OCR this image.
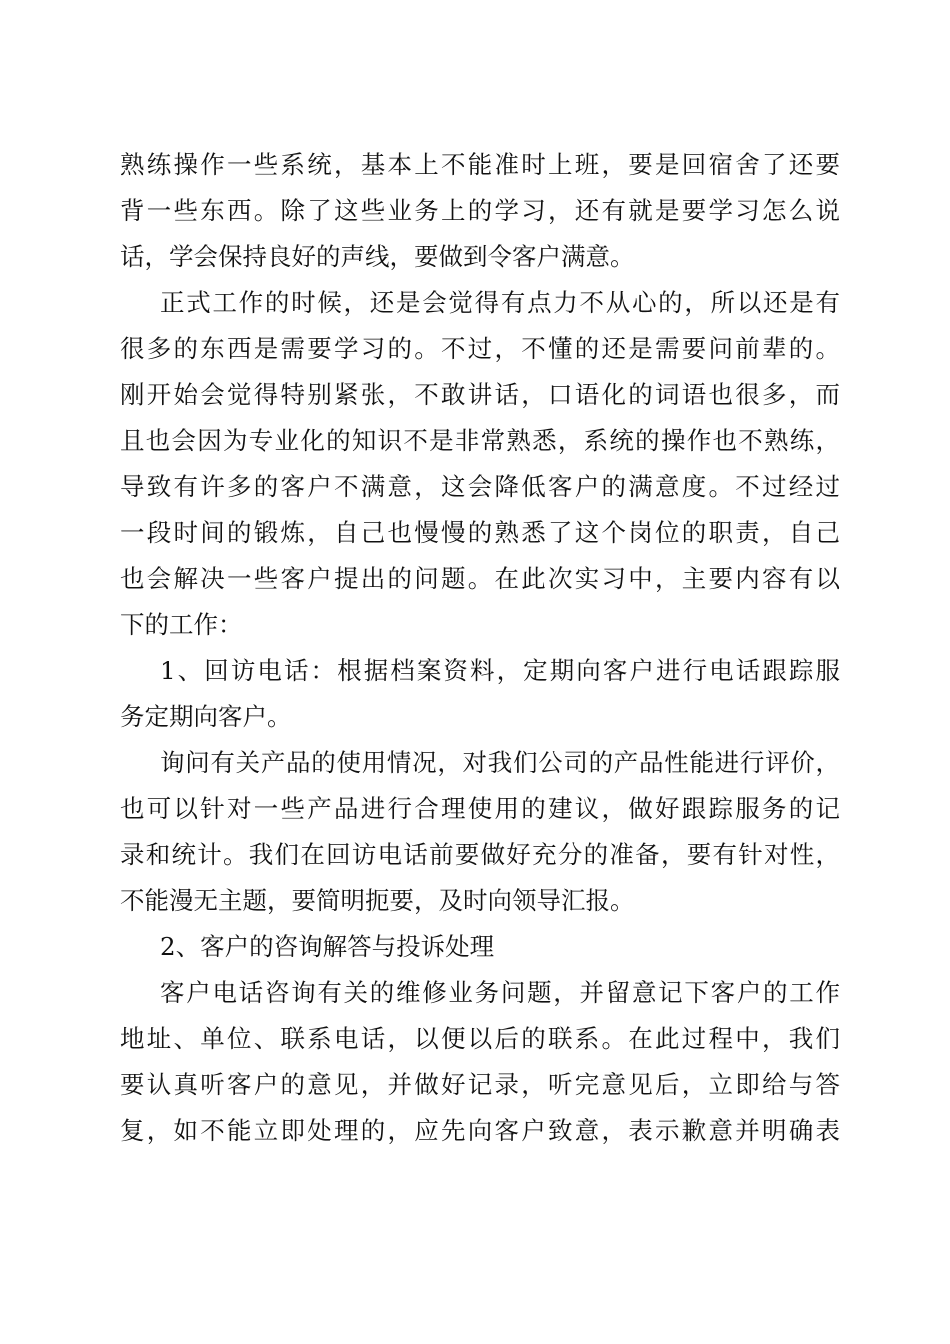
熟练操作一些系统，基本上不能准时上班，要是回宿舍了还要
背一些东西。除了这些业务上的学习，还有就是要学习怎么说
话，学会保持良好的声线，要做到令客户满意。
正式工作的时候，还是会觉得有点力不从心的，所以还是有
很多的东西是需要学习的。不过，不懂的还是需要问前辈的。
刚开始会觉得特别紧张，不敢讲话，口语化的词语也很多，而
且也会因为专业化的知识不是非常熟悉，系统的操作也不熟练，
导致有许多的客户不满意，这会降低客户的满意度。不过经过
一段时间的锻炼，自己也慢慢的熟悉了这个岗位的职责，自己
也会解决一些客户提出的问题。在此次实习中，主要内容有以
下的工作：
1、回访电话：根据档案资料，定期向客户进行电话跟踪服
务定期向客户。
询问有关产品的使用情况，对我们公司的产品性能进行评价，
也可以针对一些产品进行合理使用的建议，做好跟踪服务的记
录和统计。我们在回访电话前要做好充分的准备，要有针对性，
不能漫无主题，要简明扼要，及时向领导汇报。
2、客户的咨询解答与投诉处理
客户电话咨询有关的维修业务问题，并留意记下客户的工作
地址、单位、联系电话，以便以后的联系。在此过程中，我们
要认真听客户的意见，并做好记录，听完意见后，立即给与答
复，如不能立即处理的，应先向客户致意，表示歉意并明确表
